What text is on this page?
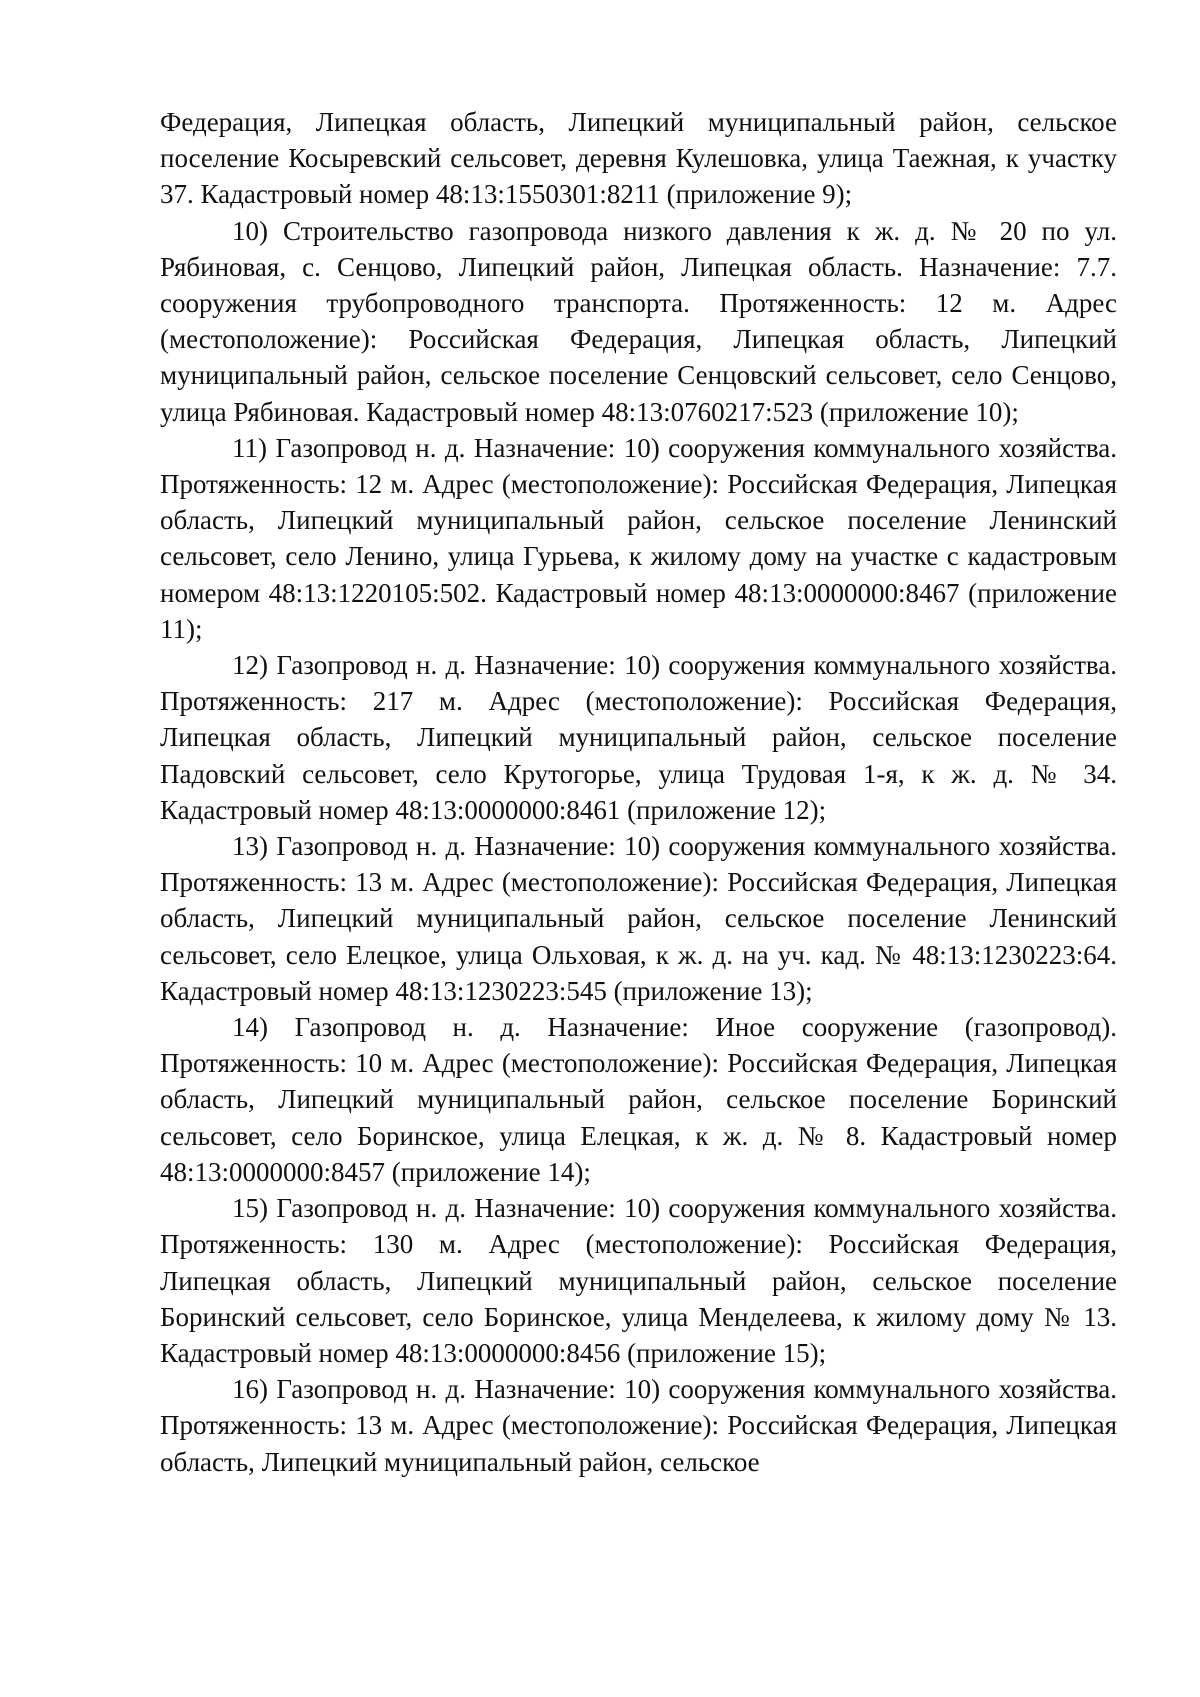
Федерация, Липецкая область, Липецкий муниципальный район, сельское поселение Косыревский сельсовет, деревня Кулешовка, улица Таежная, к участку 37. Кадастровый номер 48:13:1550301:8211 (приложение 9);

10) Строительство газопровода низкого давления к ж. д. № 20 по ул. Рябиновая, с. Сенцово, Липецкий район, Липецкая область. Назначение: 7.7. сооружения трубопроводного транспорта. Протяженность: 12 м. Адрес (местоположение): Российская Федерация, Липецкая область, Липецкий муниципальный район, сельское поселение Сенцовский сельсовет, село Сенцово, улица Рябиновая. Кадастровый номер 48:13:0760217:523 (приложение 10);

11) Газопровод н. д. Назначение: 10) сооружения коммунального хозяйства. Протяженность: 12 м. Адрес (местоположение): Российская Федерация, Липецкая область, Липецкий муниципальный район, сельское поселение Ленинский сельсовет, село Ленино, улица Гурьева, к жилому дому на участке с кадастровым номером 48:13:1220105:502. Кадастровый номер 48:13:0000000:8467 (приложение 11);

12) Газопровод н. д. Назначение: 10) сооружения коммунального хозяйства. Протяженность: 217 м. Адрес (местоположение): Российская Федерация, Липецкая область, Липецкий муниципальный район, сельское поселение Падовский сельсовет, село Крутогорье, улица Трудовая 1-я, к ж. д. № 34. Кадастровый номер 48:13:0000000:8461 (приложение 12);

13) Газопровод н. д. Назначение: 10) сооружения коммунального хозяйства. Протяженность: 13 м. Адрес (местоположение): Российская Федерация, Липецкая область, Липецкий муниципальный район, сельское поселение Ленинский сельсовет, село Елецкое, улица Ольховая, к ж. д. на уч. кад. № 48:13:1230223:64. Кадастровый номер 48:13:1230223:545 (приложение 13);

14) Газопровод н. д. Назначение: Иное сооружение (газопровод). Протяженность: 10 м. Адрес (местоположение): Российская Федерация, Липецкая область, Липецкий муниципальный район, сельское поселение Боринский сельсовет, село Боринское, улица Елецкая, к ж. д. № 8. Кадастровый номер 48:13:0000000:8457 (приложение 14);

15) Газопровод н. д. Назначение: 10) сооружения коммунального хозяйства. Протяженность: 130 м. Адрес (местоположение): Российская Федерация, Липецкая область, Липецкий муниципальный район, сельское поселение Боринский сельсовет, село Боринское, улица Менделеева, к жилому дому № 13. Кадастровый номер 48:13:0000000:8456 (приложение 15);

16) Газопровод н. д. Назначение: 10) сооружения коммунального хозяйства. Протяженность: 13 м. Адрес (местоположение): Российская Федерация, Липецкая область, Липецкий муниципальный район, сельское
